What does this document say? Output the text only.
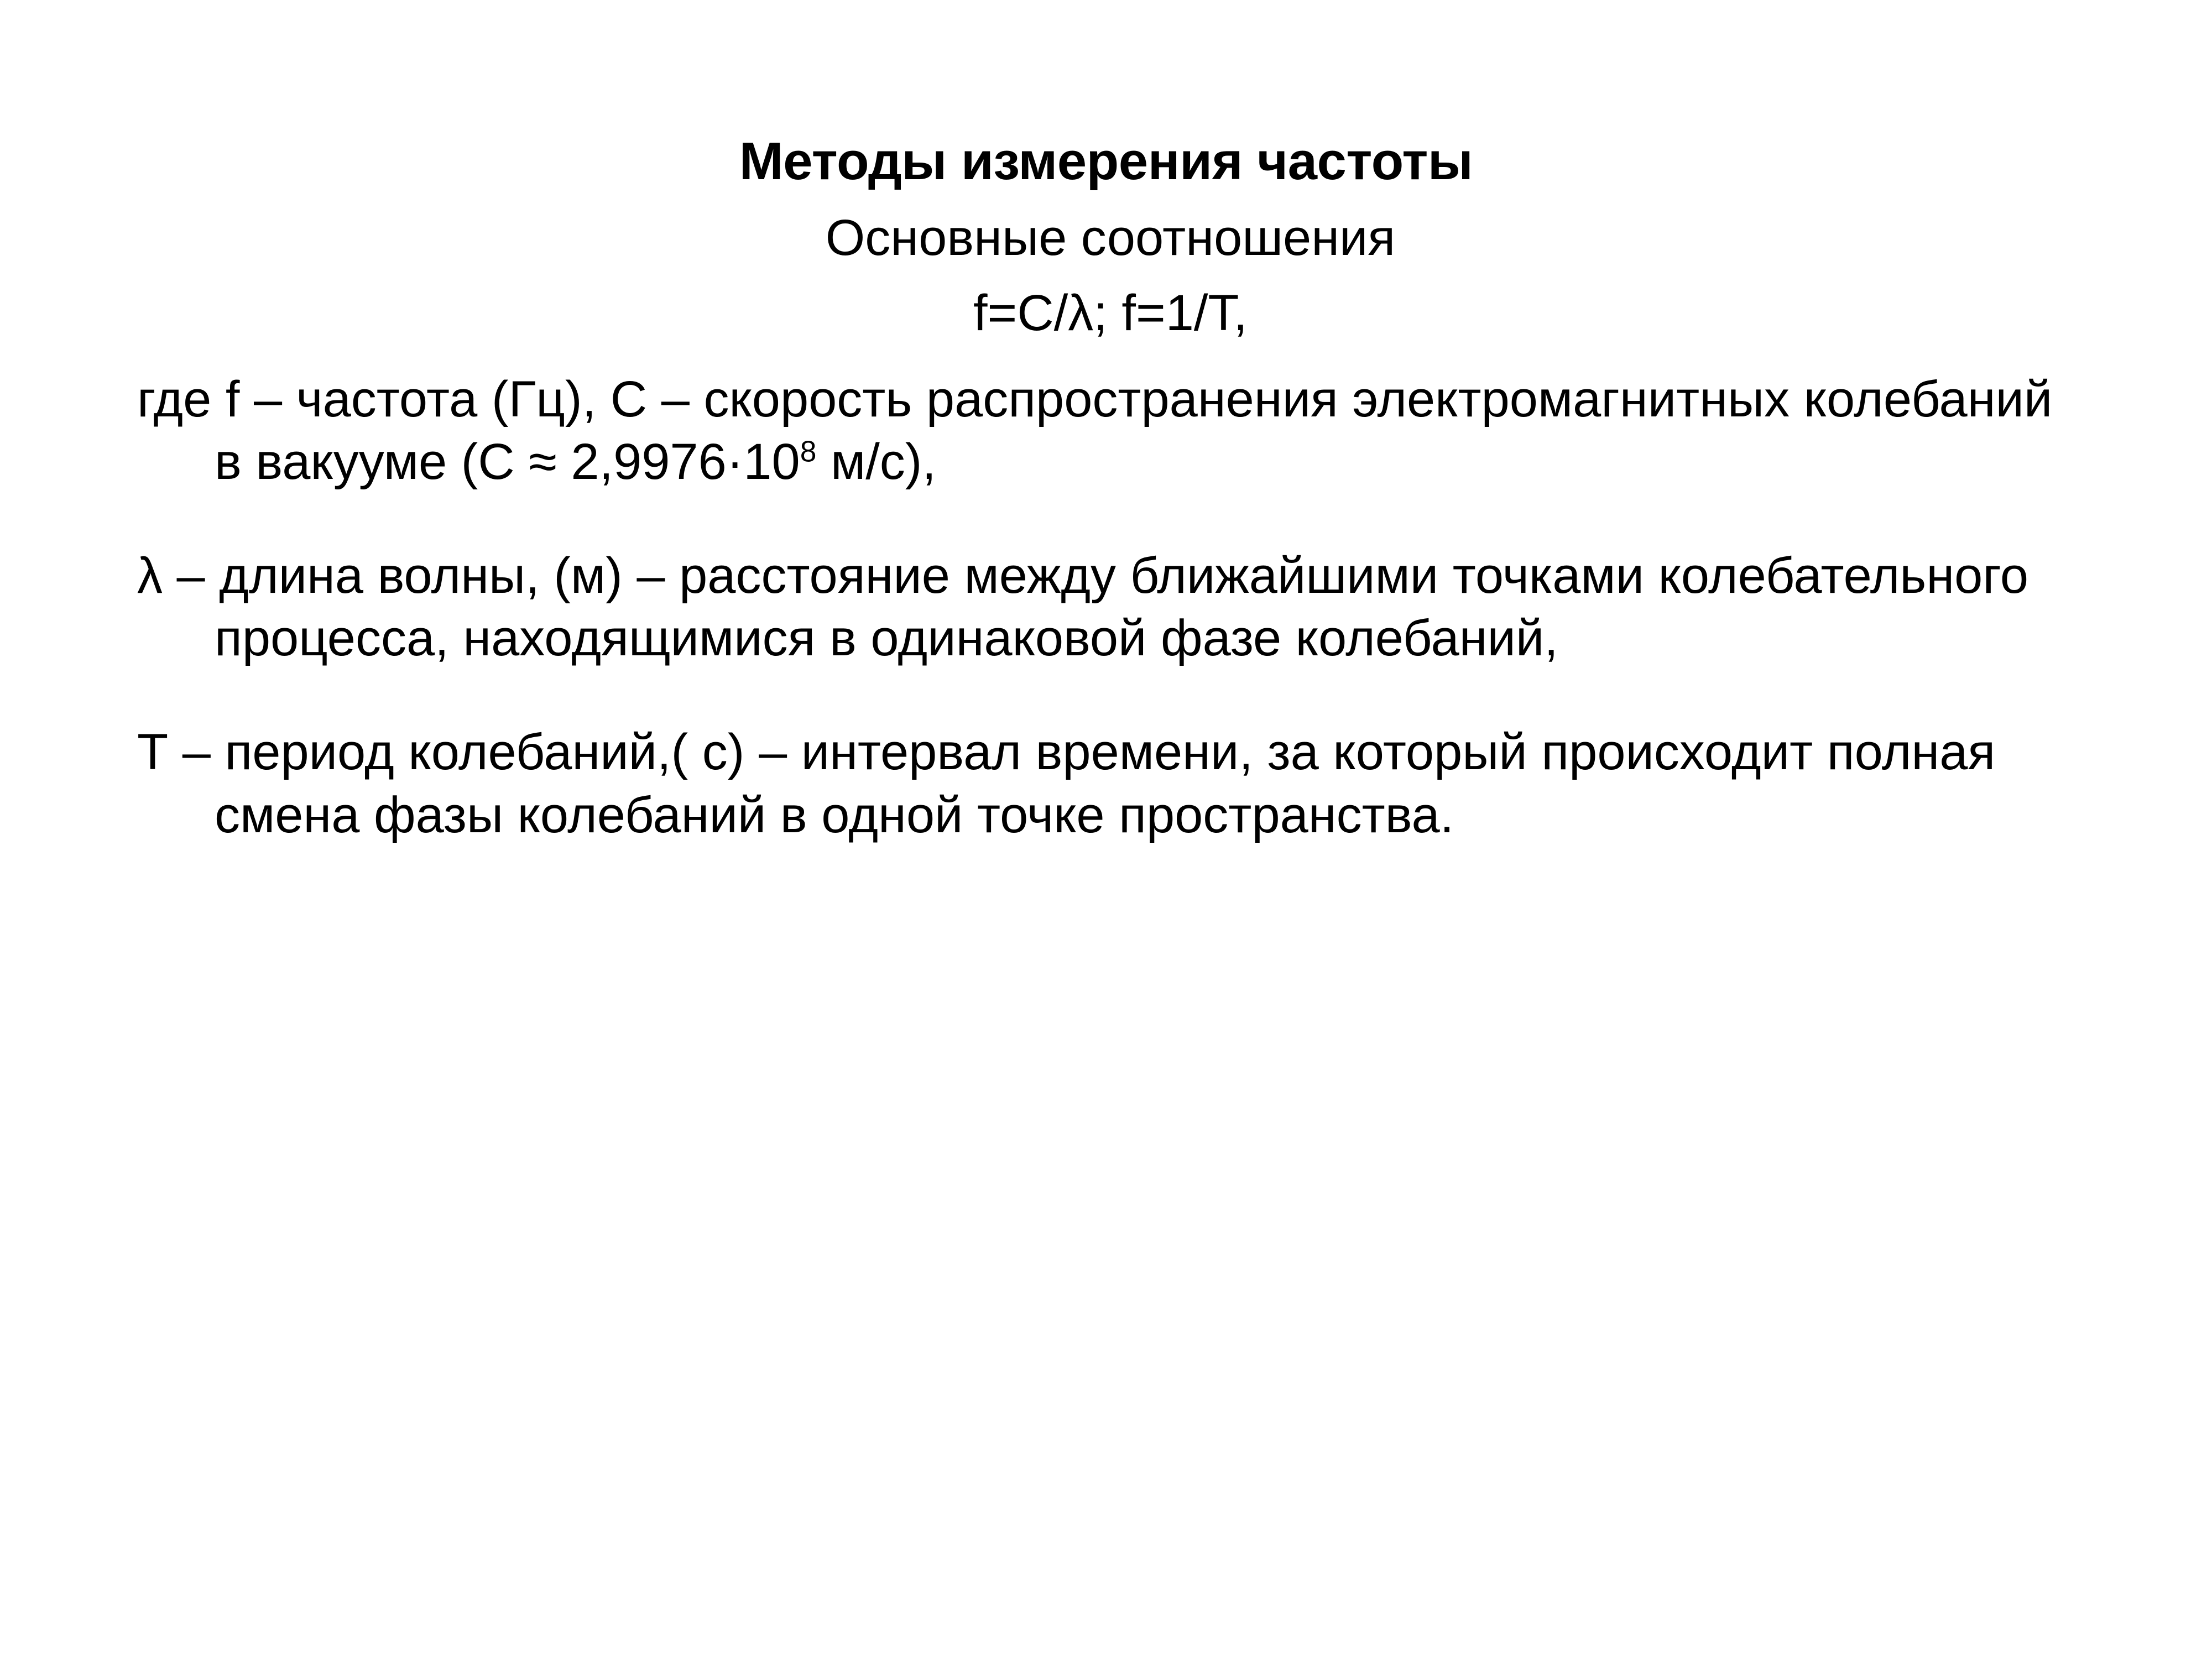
Методы измерения частоты
Основные соотношения
f=C/λ; f=1/T,

где f – частота (Гц), C – скорость распространения электромагнитных колебаний в вакууме ($C \approx 2,9976\cdot 10^8$ м/с),

λ – длина волны, (м) – расстояние между ближайшими точками колебательного процесса, находящимися в одинаковой фазе колебаний,

Т – период колебаний,( с) – интервал времени, за который происходит полная смена фазы колебаний в одной точке пространства.
